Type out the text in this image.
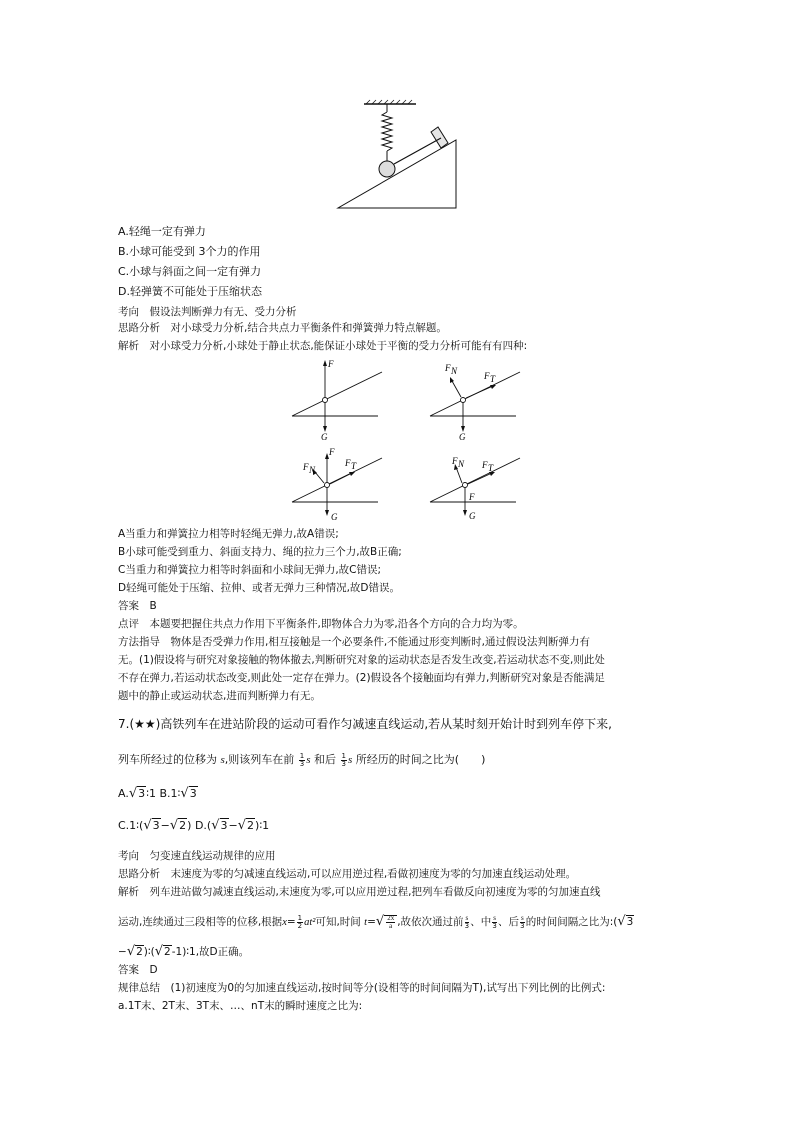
A.轻绳一定有弹力
B.小球可能受到 3个力的作用
C.小球与斜面之间一定有弹力
D.轻弹簧不可能处于压缩状态
考向　假设法判断弹力有无、受力分析
思路分析　对小球受力分析,结合共点力平衡条件和弹簧弹力特点解题。
解析　对小球受力分析,小球处于静止状态,能保证小球处于平衡的受力分析可能有有四种:
F
G
F N	F T
G
F
F N
F T
G
F N F T
F
G
A当重力和弹簧拉力相等时轻绳无弹力,故A错误;
B小球可能受到重力、斜面支持力、绳的拉力三个力,故B正确;
C当重力和弹簧拉力相等时斜面和小球间无弹力,故C错误;
D轻绳可能处于压缩、拉伸、或者无弹力三种情况,故D错误。
答案　B
点评　本题要把握住共点力作用下平衡条件,即物体合力为零,沿各个方向的合力均为零。
方法指导　物体是否受弹力作用,相互接触是一个必要条件,不能通过形变判断时,通过假设法判断弹力有
无。(1)假设将与研究对象接触的物体撤去,判断研究对象的运动状态是否发生改变,若运动状态不变,则此处
不存在弹力,若运动状态改变,则此处一定存在弹力。(2)假设各个接触面均有弹力,判断研究对象是否能满足
题中的静止或运动状态,进而判断弹力有无。
7.(★★)高铁列车在进站阶段的运动可看作匀减速直线运动,若从某时刻开始计时到列车停下来,
列车所经过的位移为 s,则该列车在前 $\frac{1}{3}$ s 和后 $\frac{1}{3}$ s 所经历的时间之比为(　　)
A.√3∶1 B.1∶√3
C.1∶(√3−√2) D.(√3−√2)∶1
考向　匀变速直线运动规律的应用
思路分析　末速度为零的匀减速直线运动,可以应用逆过程,看做初速度为零的匀加速直线运动处理。
解析　列车进站做匀减速直线运动,末速度为零,可以应用逆过程,把列车看做反向初速度为零的匀加速直线
运动,连续通过三段相等的位移,根据$x= \frac{1}{2} at^2$可知,时间 $t=√ \frac{2x}{a}$ ,故依次通过前 $\frac{s}{3}$ 、中 $\frac{s}{3}$ 、后 $\frac{s}{3}$ 的时间间隔之比为:(√3
−√2)∶(√2-1)∶1,故D正确。
答案　D
规律总结　(1)初速度为0的匀加速直线运动,按时间等分(设相等的时间间隔为T),试写出下列比例的比例式:
a.1T末、2T末、3T末、…、nT末的瞬时速度之比为:
